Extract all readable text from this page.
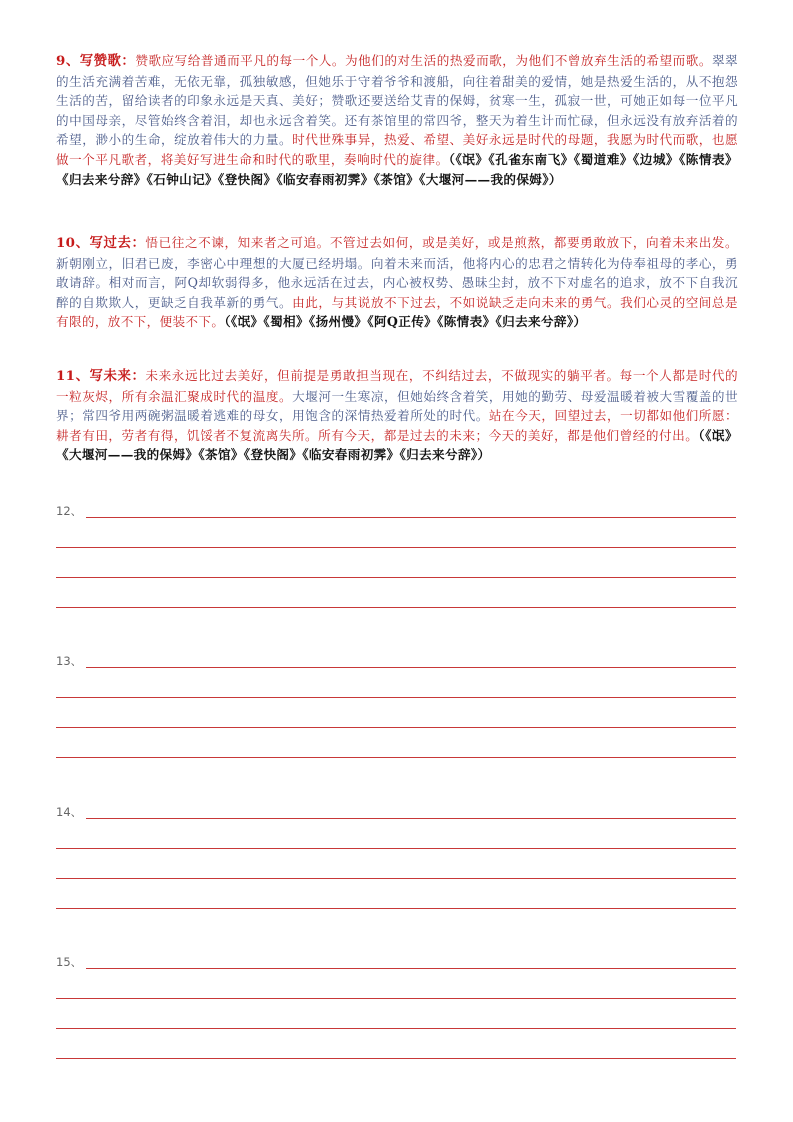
9、写赞歌：赞歌应写给普通而平凡的每一个人。为他们的对生活的热爱而歌，为他们不曾放弃生活的希望而歌。翠翠的生活充满着苦难，无依无靠，孤独敏感，但她乐于守着爷爷和渡船，向往着甜美的爱情，她是热爱生活的，从不抱怨生活的苦，留给读者的印象永远是天真、美好；赞歌还要送给艾青的保姆，贫寒一生，孤寂一世，可她正如每一位平凡的中国母亲，尽管始终含着泪，却也永远含着笑。还有茶馆里的常四爷，整天为着生计而忙碌，但永远没有放弃活着的希望，渺小的生命，绽放着伟大的力量。时代世殊事异，热爱、希望、美好永远是时代的母题，我愿为时代而歌，也愿做一个平凡歌者，将美好写进生命和时代的歌里，奏响时代的旋律。（《氓》《孔雀东南飞》《蜀道难》《边城》《陈情表》《归去来兮辞》《石钟山记》《登快阁》《临安春雨初霁》《茶馆》《大堰河——我的保姆》）
10、写过去：悟已往之不谏，知来者之可追。不管过去如何，或是美好，或是煎熬，都要勇敢放下，向着未来出发。新朝刚立，旧君已废，李密心中理想的大厦已经坍塌。向着未来而活，他将内心的忠君之情转化为侍奉祖母的孝心，勇敢请辞。相对而言，阿Q却软弱得多，他永远活在过去，内心被权势、愚昧尘封，放不下对虚名的追求，放不下自我沉醉的自欺欺人，更缺乏自我革新的勇气。由此，与其说放不下过去，不如说缺乏走向未来的勇气。我们心灵的空间总是有限的，放不下，便装不下。（《氓》《蜀相》《扬州慢》《阿Q正传》《陈情表》《归去来兮辞》）
11、写未来：未来永远比过去美好，但前提是勇敢担当现在，不纠结过去，不做现实的躺平者。每一个人都是时代的一粒灰烬，所有余温汇聚成时代的温度。大堰河一生寒凉，但她始终含着笑，用她的勤劳、母爱温暖着被大雪覆盖的世界；常四爷用两碗粥温暖着逃难的母女，用饱含的深情热爱着所处的时代。站在今天，回望过去，一切都如他们所愿：耕者有田，劳者有得，饥馁者不复流离失所。所有今天，都是过去的未来；今天的美好，都是他们曾经的付出。（《氓》《大堰河——我的保姆》《茶馆》《登快阁》《临安春雨初霁》《归去来兮辞》）
12、
13、
14、
15、
